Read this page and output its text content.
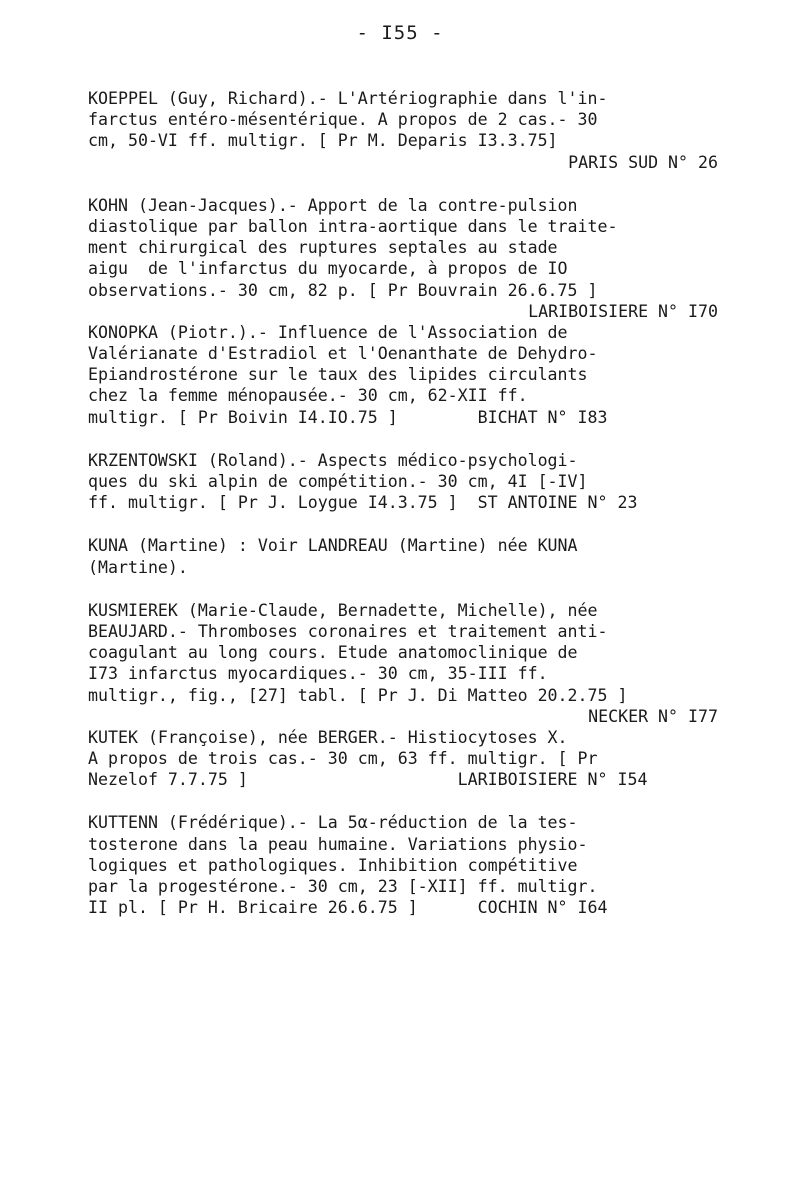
- I55 -
KOEPPEL (Guy, Richard).- L'Artériographie dans l'in-
farctus entéro-mésentérique. A propos de 2 cas.- 30
cm, 50-VI ff. multigr. [ Pr M. Deparis I3.3.75]
PARIS SUD N° 26
KOHN (Jean-Jacques).- Apport de la contre-pulsion
diastolique par ballon intra-aortique dans le traite-
ment chirurgical des ruptures septales au stade
aigu  de l'infarctus du myocarde, à propos de IO
observations.- 30 cm, 82 p. [ Pr Bouvrain 26.6.75 ]
LARIBOISIERE N° I70
KONOPKA (Piotr.).- Influence de l'Association de
Valérianate d'Estradiol et l'Oenanthate de Dehydro-
Epiandrostérone sur le taux des lipides circulants
chez la femme ménopausée.- 30 cm, 62-XII ff.
multigr. [ Pr Boivin I4.IO.75 ]        BICHAT N° I83
KRZENTOWSKI (Roland).- Aspects médico-psychologi-
ques du ski alpin de compétition.- 30 cm, 4I [-IV]
ff. multigr. [ Pr J. Loygue I4.3.75 ]  ST ANTOINE N° 23
KUNA (Martine) : Voir LANDREAU (Martine) née KUNA
(Martine).
KUSMIEREK (Marie-Claude, Bernadette, Michelle), née
BEAUJARD.- Thromboses coronaires et traitement anti-
coagulant au long cours. Etude anatomoclinique de
I73 infarctus myocardiques.- 30 cm, 35-III ff.
multigr., fig., [27] tabl. [ Pr J. Di Matteo 20.2.75 ]
NECKER N° I77
KUTEK (Françoise), née BERGER.- Histiocytoses X.
A propos de trois cas.- 30 cm, 63 ff. multigr. [ Pr
Nezelof 7.7.75 ]                     LARIBOISIERE N° I54
KUTTENN (Frédérique).- La 5α-réduction de la tes-
tosterone dans la peau humaine. Variations physio-
logiques et pathologiques. Inhibition compétitive
par la progestérone.- 30 cm, 23 [-XII] ff. multigr.
II pl. [ Pr H. Bricaire 26.6.75 ]      COCHIN N° I64
